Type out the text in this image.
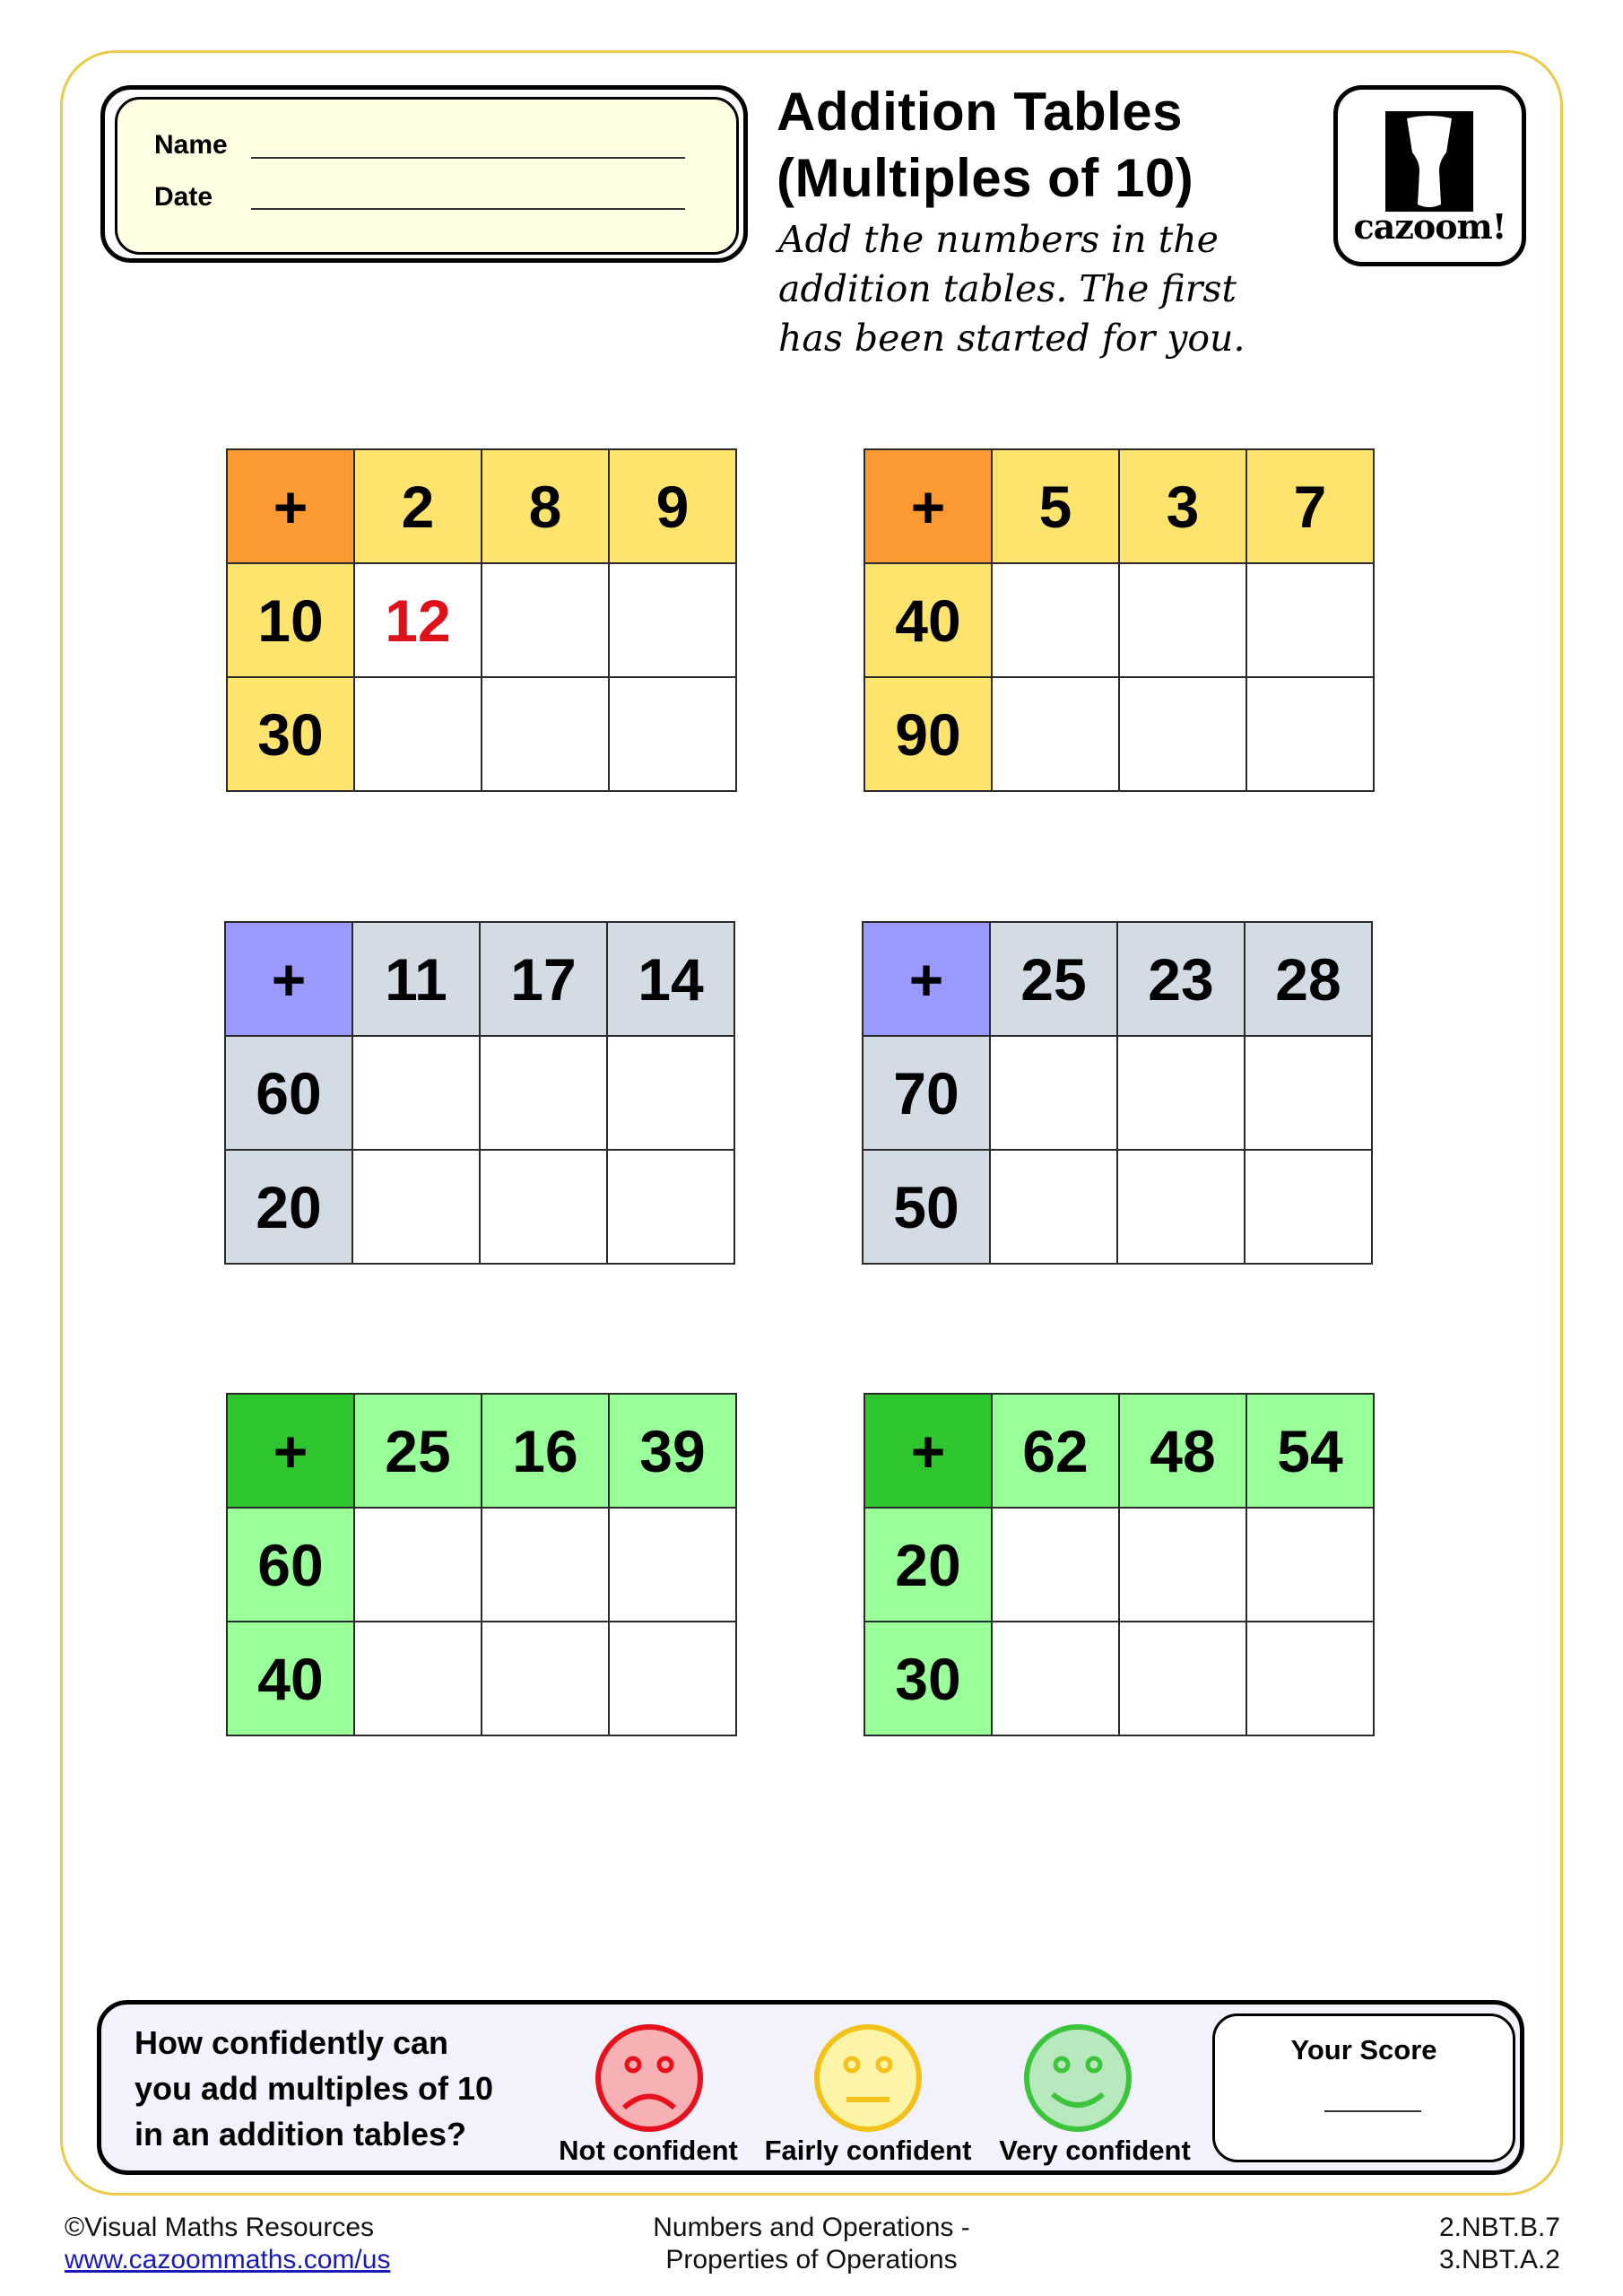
Name
Date
Addition Tables
(Multiples of 10)
Add the numbers in the addition tables. The first has been started for you.
cazoom!
+	2	8	9
10	12		
30			
+	5	3	7
40			
90			
+	11	17	14
60			
20			
+	25	23	28
70			
50			
+	25	16	39
60			
40			
+	62	48	54
20			
30			
How confidently can
you add multiples of 10
in an addition tables?	Not confident Fairly confident Very confident
Your Score
©Visual Maths Resources
www.cazoommaths.com/us
Numbers and Operations -
Properties of Operations
2.NBT.B.7
3.NBT.A.2
